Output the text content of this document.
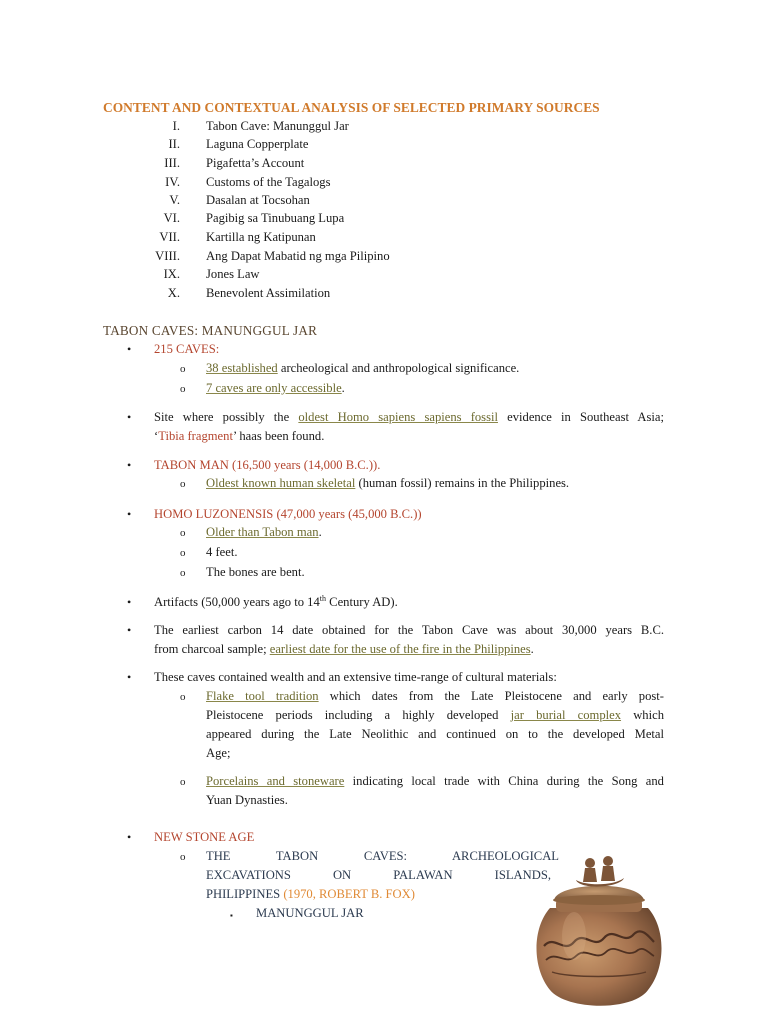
CONTENT AND CONTEXTUAL ANALYSIS OF SELECTED PRIMARY SOURCES
I. Tabon Cave: Manunggul Jar
II. Laguna Copperplate
III. Pigafetta’s Account
IV. Customs of the Tagalogs
V. Dasalan at Tocsohan
VI. Pagibig sa Tinubuang Lupa
VII. Kartilla ng Katipunan
VIII. Ang Dapat Mabatid ng mga Pilipino
IX. Jones Law
X. Benevolent Assimilation
TABON CAVES: MANUNGGUL JAR
• 215 CAVES:
o 38 established archeological and anthropological significance.
o 7 caves are only accessible.
• Site where possibly the oldest Homo sapiens sapiens fossil evidence in Southeast Asia;
‘Tibia fragment’ haas been found.
• TABON MAN (16,500 years (14,000 B.C.)).
o Oldest known human skeletal (human fossil) remains in the Philippines.
• HOMO LUZONENSIS (47,000 years (45,000 B.C.))
o Older than Tabon man.
o 4 feet.
o The bones are bent.
• Artifacts (50,000 years ago to 14th Century AD).
• The earliest carbon 14 date obtained for the Tabon Cave was about 30,000 years B.C.
from charcoal sample; earliest date for the use of the fire in the Philippines.
• These caves contained wealth and an extensive time-range of cultural materials:
o Flake tool tradition which dates from the Late Pleistocene and early post-
Pleistocene periods including a highly developed jar burial complex which
appeared during the Late Neolithic and continued on to the developed Metal
Age;
o Porcelains and stoneware indicating local trade with China during the Song and
Yuan Dynasties.
• NEW STONE AGE
o THE TABON CAVES: ARCHEOLOGICAL
EXCAVATIONS ON PALAWAN ISLANDS,
PHILIPPINES (1970, ROBERT B. FOX)
▪ MANUNGGUL JAR
